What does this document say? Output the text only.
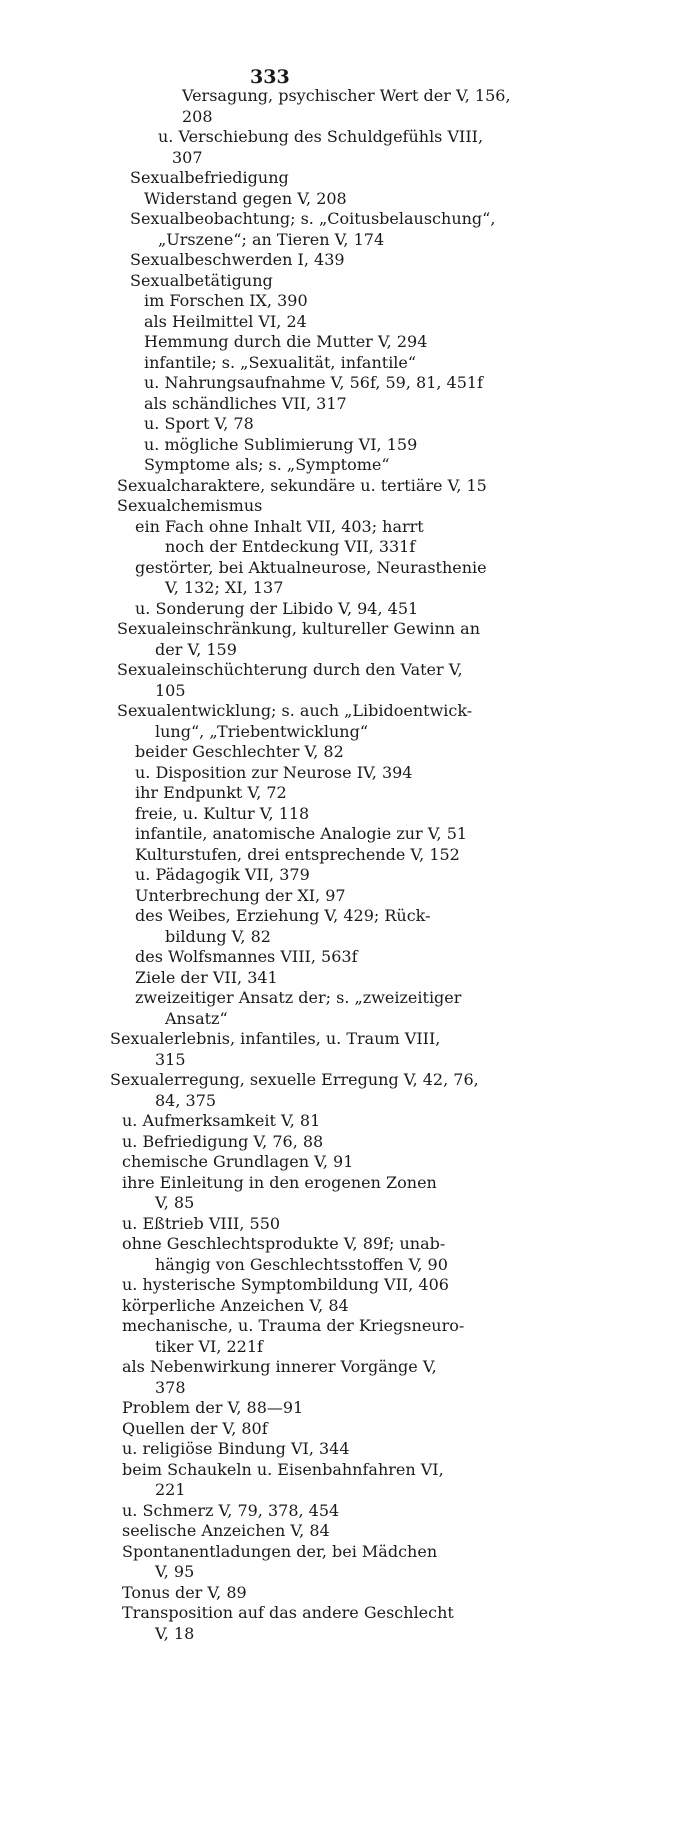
333
Versagung, psychischer Wert der V, 156,
208
u. Verschiebung des Schuldgefühls VIII,
307
Sexualbefriedigung
Widerstand gegen V, 208
Sexualbeobachtung; s. „Coitusbelauschung“,
„Urszene“; an Tieren V, 174
Sexualbeschwerden I, 439
Sexualbetätigung
im Forschen IX, 390
als Heilmittel VI, 24
Hemmung durch die Mutter V, 294
infantile; s. „Sexualität, infantile“
u. Nahrungsaufnahme V, 56f, 59, 81, 451f
als schändliches VII, 317
u. Sport V, 78
u. mögliche Sublimierung VI, 159
Symptome als; s. „Symptome“
Sexualcharaktere, sekundäre u. tertiäre V, 15
Sexualchemismus
ein Fach ohne Inhalt VII, 403; harrt
noch der Entdeckung VII, 331f
gestörter, bei Aktualneurose, Neurasthenie
V, 132; XI, 137
u. Sonderung der Libido V, 94, 451
Sexualeinschränkung, kultureller Gewinn an
der V, 159
Sexualeinschüchterung durch den Vater V,
105
Sexualentwicklung; s. auch „Libidoentwick-
lung“, „Triebentwicklung“
beider Geschlechter V, 82
u. Disposition zur Neurose IV, 394
ihr Endpunkt V, 72
freie, u. Kultur V, 118
infantile, anatomische Analogie zur V, 51
Kulturstufen, drei entsprechende V, 152
u. Pädagogik VII, 379
Unterbrechung der XI, 97
des Weibes, Erziehung V, 429; Rück-
bildung V, 82
des Wolfsmannes VIII, 563f
Ziele der VII, 341
zweizeitiger Ansatz der; s. „zweizeitiger
Ansatz“
Sexualerlebnis, infantiles, u. Traum VIII,
315
Sexualerregung, sexuelle Erregung V, 42, 76,
84, 375
u. Aufmerksamkeit V, 81
u. Befriedigung V, 76, 88
chemische Grundlagen V, 91
ihre Einleitung in den erogenen Zonen
V, 85
u. Eßtrieb VIII, 550
ohne Geschlechtsprodukte V, 89f; unab-
hängig von Geschlechtsstoffen V, 90
u. hysterische Symptombildung VII, 406
körperliche Anzeichen V, 84
mechanische, u. Trauma der Kriegsneuro-
tiker VI, 221f
als Nebenwirkung innerer Vorgänge V,
378
Problem der V, 88—91
Quellen der V, 80f
u. religiöse Bindung VI, 344
beim Schaukeln u. Eisenbahnfahren VI,
221
u. Schmerz V, 79, 378, 454
seelische Anzeichen V, 84
Spontanentladungen der, bei Mädchen
V, 95
Tonus der V, 89
Transposition auf das andere Geschlecht
V, 18
